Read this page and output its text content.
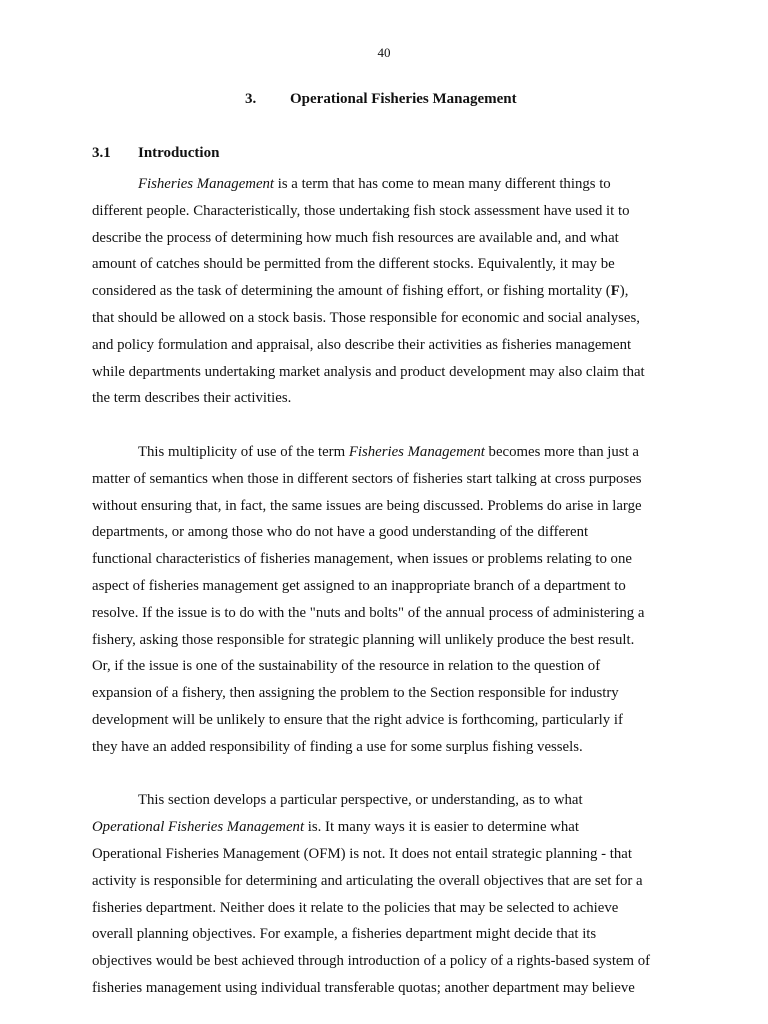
40
3. Operational Fisheries Management
3.1 Introduction
Fisheries Management is a term that has come to mean many different things to
different people. Characteristically, those undertaking fish stock assessment have used it to
describe the process of determining how much fish resources are available and, and what
amount of catches should be permitted from the different stocks. Equivalently, it may be
considered as the task of determining the amount of fishing effort, or fishing mortality (F),
that should be allowed on a stock basis. Those responsible for economic and social analyses,
and policy formulation and appraisal, also describe their activities as fisheries management
while departments undertaking market analysis and product development may also claim that
the term describes their activities.
This multiplicity of use of the term Fisheries Management becomes more than just a
matter of semantics when those in different sectors of fisheries start talking at cross purposes
without ensuring that, in fact, the same issues are being discussed. Problems do arise in large
departments, or among those who do not have a good understanding of the different
functional characteristics of fisheries management, when issues or problems relating to one
aspect of fisheries management get assigned to an inappropriate branch of a department to
resolve. If the issue is to do with the "nuts and bolts" of the annual process of administering a
fishery, asking those responsible for strategic planning will unlikely produce the best result.
Or, if the issue is one of the sustainability of the resource in relation to the question of
expansion of a fishery, then assigning the problem to the Section responsible for industry
development will be unlikely to ensure that the right advice is forthcoming, particularly if
they have an added responsibility of finding a use for some surplus fishing vessels.
This section develops a particular perspective, or understanding, as to what
Operational Fisheries Management is. It many ways it is easier to determine what
Operational Fisheries Management (OFM) is not. It does not entail strategic planning - that
activity is responsible for determining and articulating the overall objectives that are set for a
fisheries department. Neither does it relate to the policies that may be selected to achieve
overall planning objectives. For example, a fisheries department might decide that its
objectives would be best achieved through introduction of a policy of a rights-based system of
fisheries management using individual transferable quotas; another department may believe
